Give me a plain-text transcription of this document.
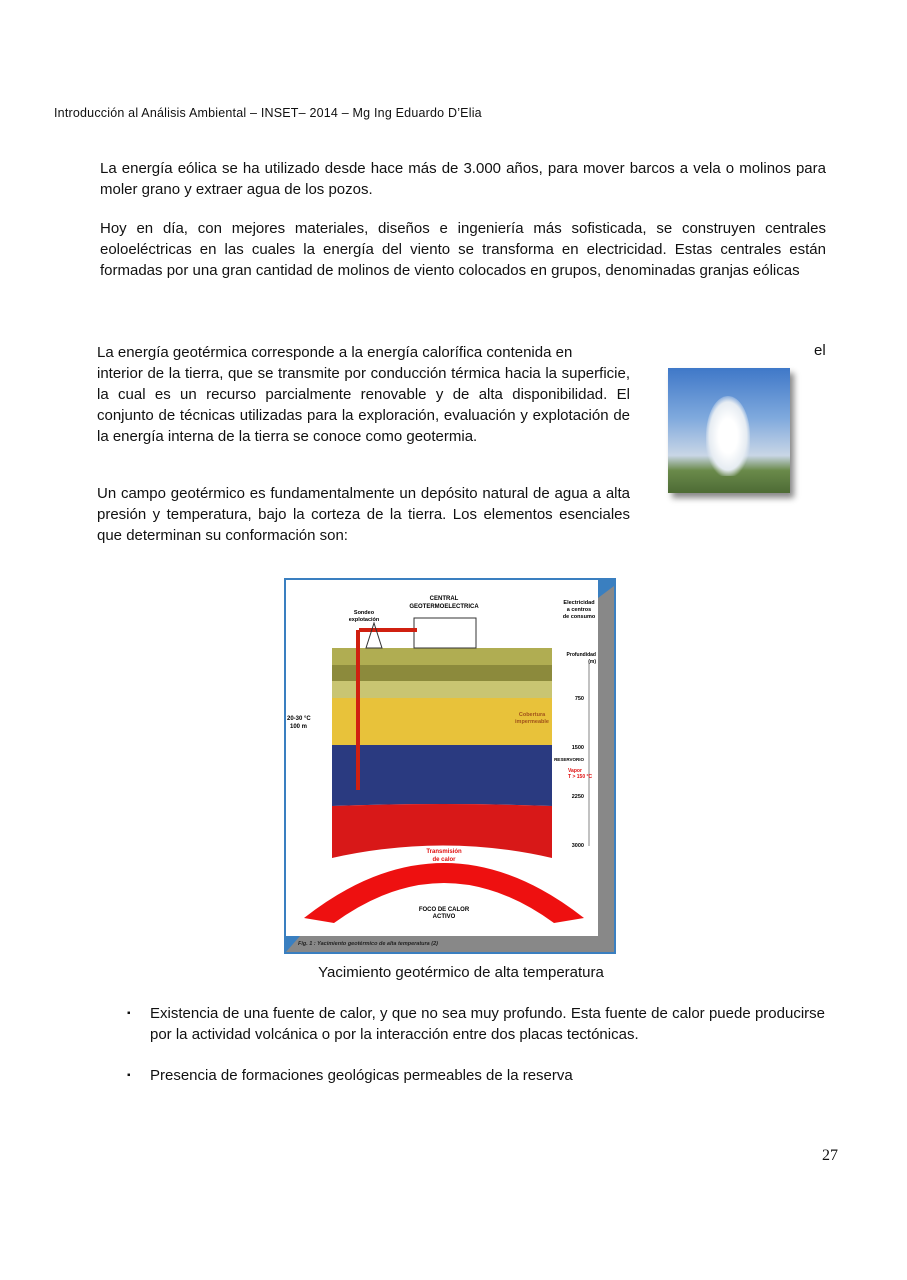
Introducción al Análisis Ambiental – INSET– 2014 – Mg Ing Eduardo D’Elia
La energía eólica se ha utilizado desde hace más de 3.000 años, para mover barcos a vela o molinos para moler grano y extraer agua de los pozos.
Hoy en día, con mejores materiales, diseños e ingeniería más sofisticada, se construyen centrales eoloeléctricas en las cuales la energía del viento se transforma en electricidad. Estas centrales están formadas por una gran cantidad de molinos de viento colocados en grupos, denominadas granjas eólicas
La energía geotérmica corresponde a la energía calorífica contenida en	el
interior de la tierra, que se transmite por conducción térmica hacia la superficie, la cual es un recurso parcialmente renovable y de alta disponibilidad. El conjunto de técnicas utilizadas para la exploración, evaluación y explotación de la energía interna de la tierra se conoce como geotermia.
Un campo geotérmico es fundamentalmente un depósito natural de agua a alta presión y temperatura, bajo la corteza de la tierra. Los elementos esenciales que determinan su conformación son:
CENTRAL
GEOTERMOELECTRICA
Sondeo
explotación
Electricidad
a centros
de consumo
Profundidad
(m)
750
1500
2250
3000
20-30 °C
100 m
Cobertura
impermeable
RESERVORIO
Vapor
T > 150 °C
Transmisión
de calor
FOCO DE CALOR
ACTIVO
Fig. 1 : Yacimiento geotérmico de alta temperatura (2)
Yacimiento geotérmico de alta temperatura
▪ Existencia de una fuente de calor, y que no sea muy profundo. Esta fuente de calor puede producirse por la actividad volcánica o por la interacción entre dos placas tectónicas.
▪ Presencia de formaciones geológicas permeables de la reserva
27
